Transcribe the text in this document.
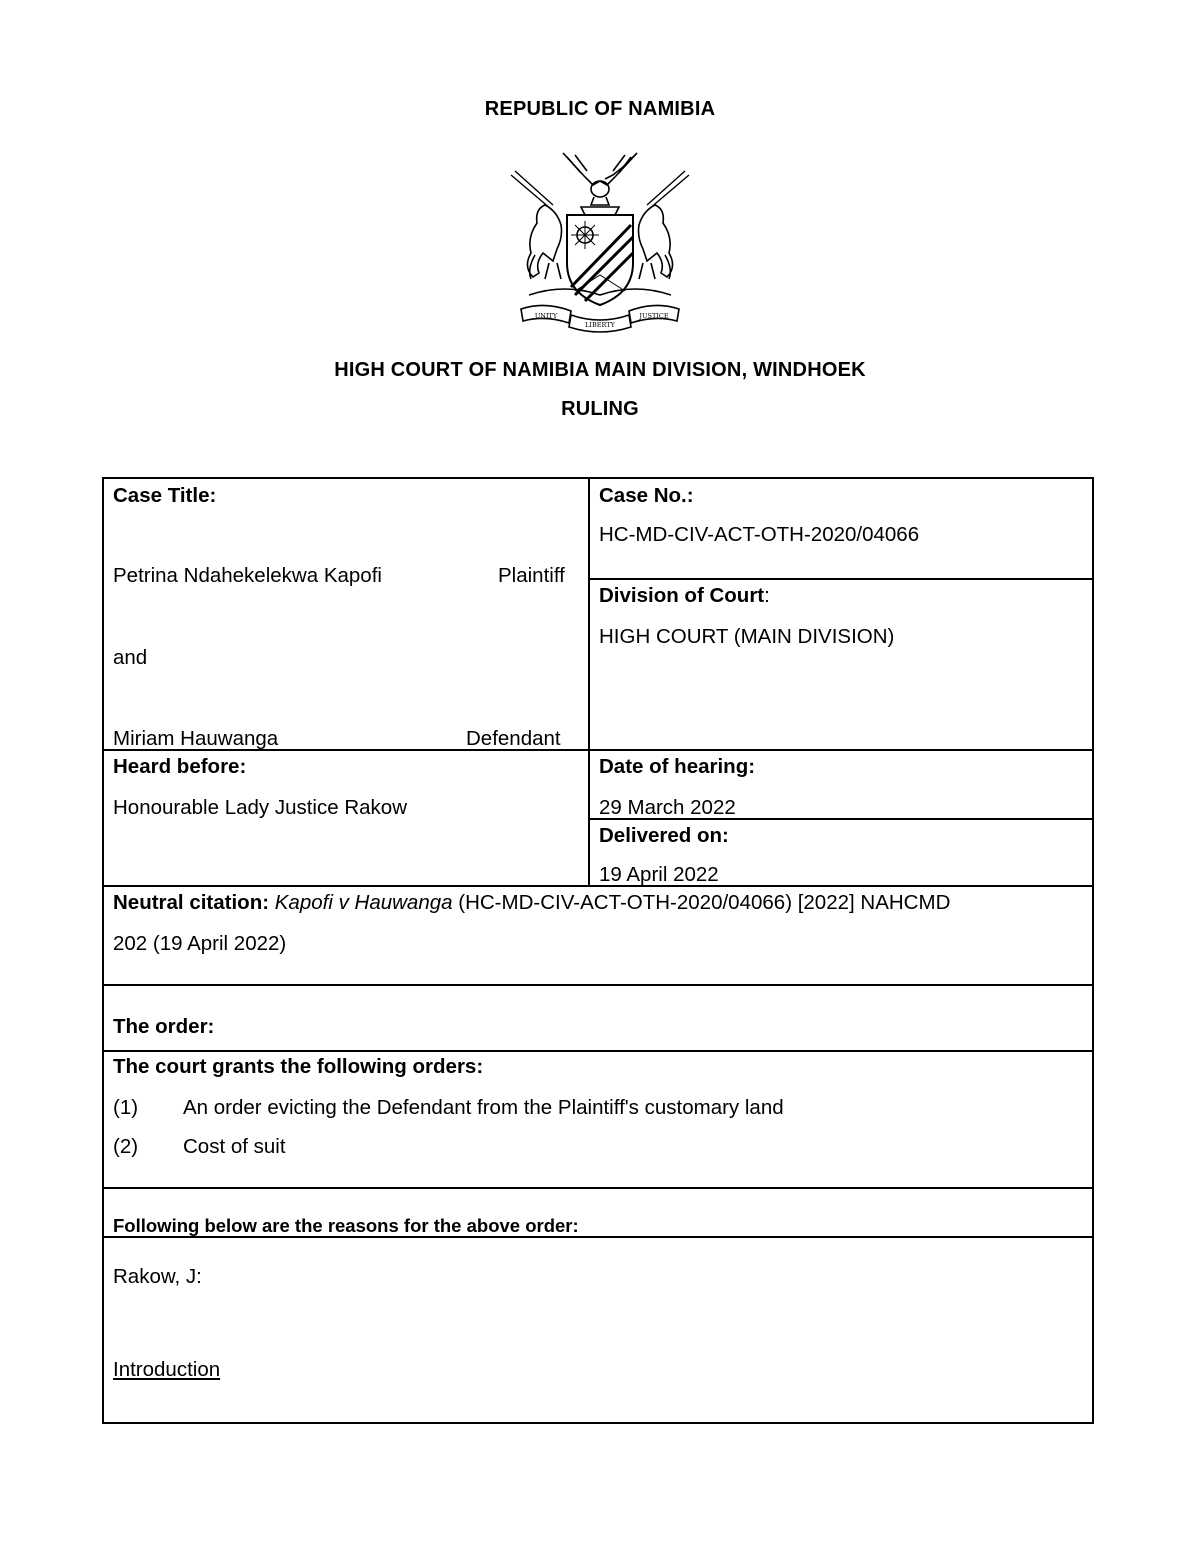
REPUBLIC OF NAMIBIA
UNITY
LIBERTY
JUSTICE
HIGH COURT OF NAMIBIA MAIN DIVISION, WINDHOEK
RULING
Case Title:
Petrina Ndahekelekwa Kapofi	Plaintiff
and
Miriam Hauwanga	Defendant
Case No.:
HC-MD-CIV-ACT-OTH-2020/04066
Division of Court:
HIGH COURT (MAIN DIVISION)
Heard before:
Honourable Lady Justice Rakow
Date of hearing:
29 March 2022
Delivered on:
19 April 2022
Neutral citation: Kapofi v Hauwanga (HC-MD-CIV-ACT-OTH-2020/04066) [2022] NAHCMD
202 (19 April 2022)
The order:
The court grants the following orders:
(1) An order evicting the Defendant from the Plaintiff's customary land
(2) Cost of suit
Following below are the reasons for the above order:
Rakow, J:
Introduction
